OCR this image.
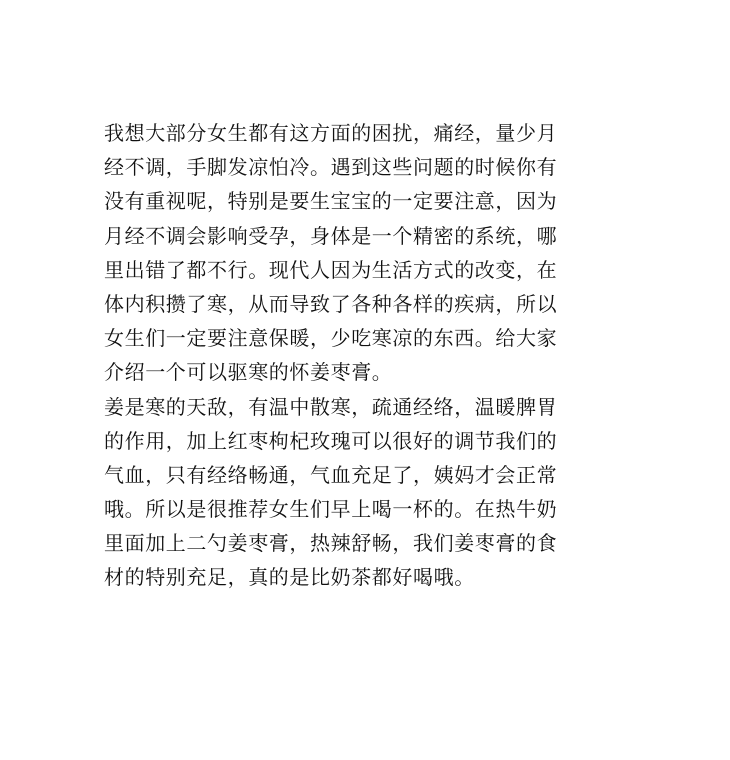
我想大部分女生都有这方面的困扰，痛经，量少月
经不调，手脚发凉怕冷。遇到这些问题的时候你有
没有重视呢，特别是要生宝宝的一定要注意，因为
月经不调会影响受孕，身体是一个精密的系统，哪
里出错了都不行。现代人因为生活方式的改变，在
体内积攒了寒，从而导致了各种各样的疾病，所以
女生们一定要注意保暖，少吃寒凉的东西。给大家
介绍一个可以驱寒的怀姜枣膏。
姜是寒的天敌，有温中散寒，疏通经络，温暖脾胃
的作用，加上红枣枸杞玫瑰可以很好的调节我们的
气血，只有经络畅通，气血充足了，姨妈才会正常
哦。所以是很推荐女生们早上喝一杯的。在热牛奶
里面加上二勺姜枣膏，热辣舒畅，我们姜枣膏的食
材的特别充足，真的是比奶茶都好喝哦。
